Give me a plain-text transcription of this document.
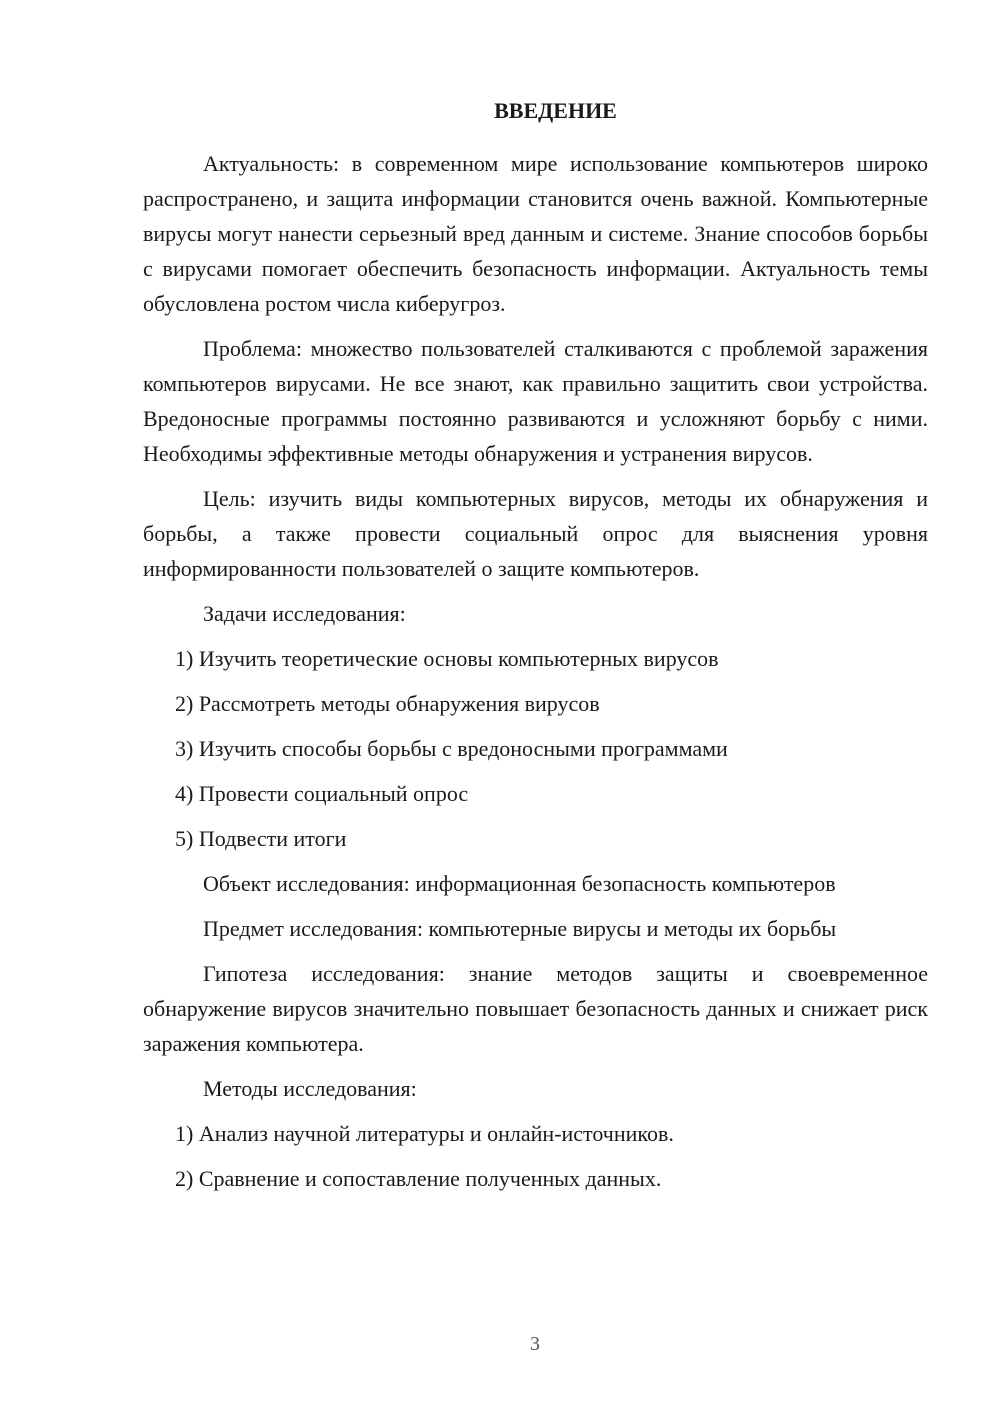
ВВЕДЕНИЕ

Актуальность: в современном мире использование компьютеров широко распространено, и защита информации становится очень важной. Компьютерные вирусы могут нанести серьезный вред данным и системе. Знание способов борьбы с вирусами помогает обеспечить безопасность информации. Актуальность темы обусловлена ростом числа киберугроз.

Проблема: множество пользователей сталкиваются с проблемой заражения компьютеров вирусами. Не все знают, как правильно защитить свои устройства. Вредоносные программы постоянно развиваются и усложняют борьбу с ними. Необходимы эффективные методы обнаружения и устранения вирусов.

Цель: изучить виды компьютерных вирусов, методы их обнаружения и борьбы, а также провести социальный опрос для выяснения уровня информированности пользователей о защите компьютеров.

Задачи исследования:
1) Изучить теоретические основы компьютерных вирусов
2) Рассмотреть методы обнаружения вирусов
3) Изучить способы борьбы с вредоносными программами
4) Провести социальный опрос
5) Подвести итоги
Объект исследования: информационная безопасность компьютеров
Предмет исследования: компьютерные вирусы и методы их борьбы

Гипотеза исследования: знание методов защиты и своевременное обнаружение вирусов значительно повышает безопасность данных и снижает риск заражения компьютера.

Методы исследования:
1) Анализ научной литературы и онлайн-источников.
2) Сравнение и сопоставление полученных данных.
3
